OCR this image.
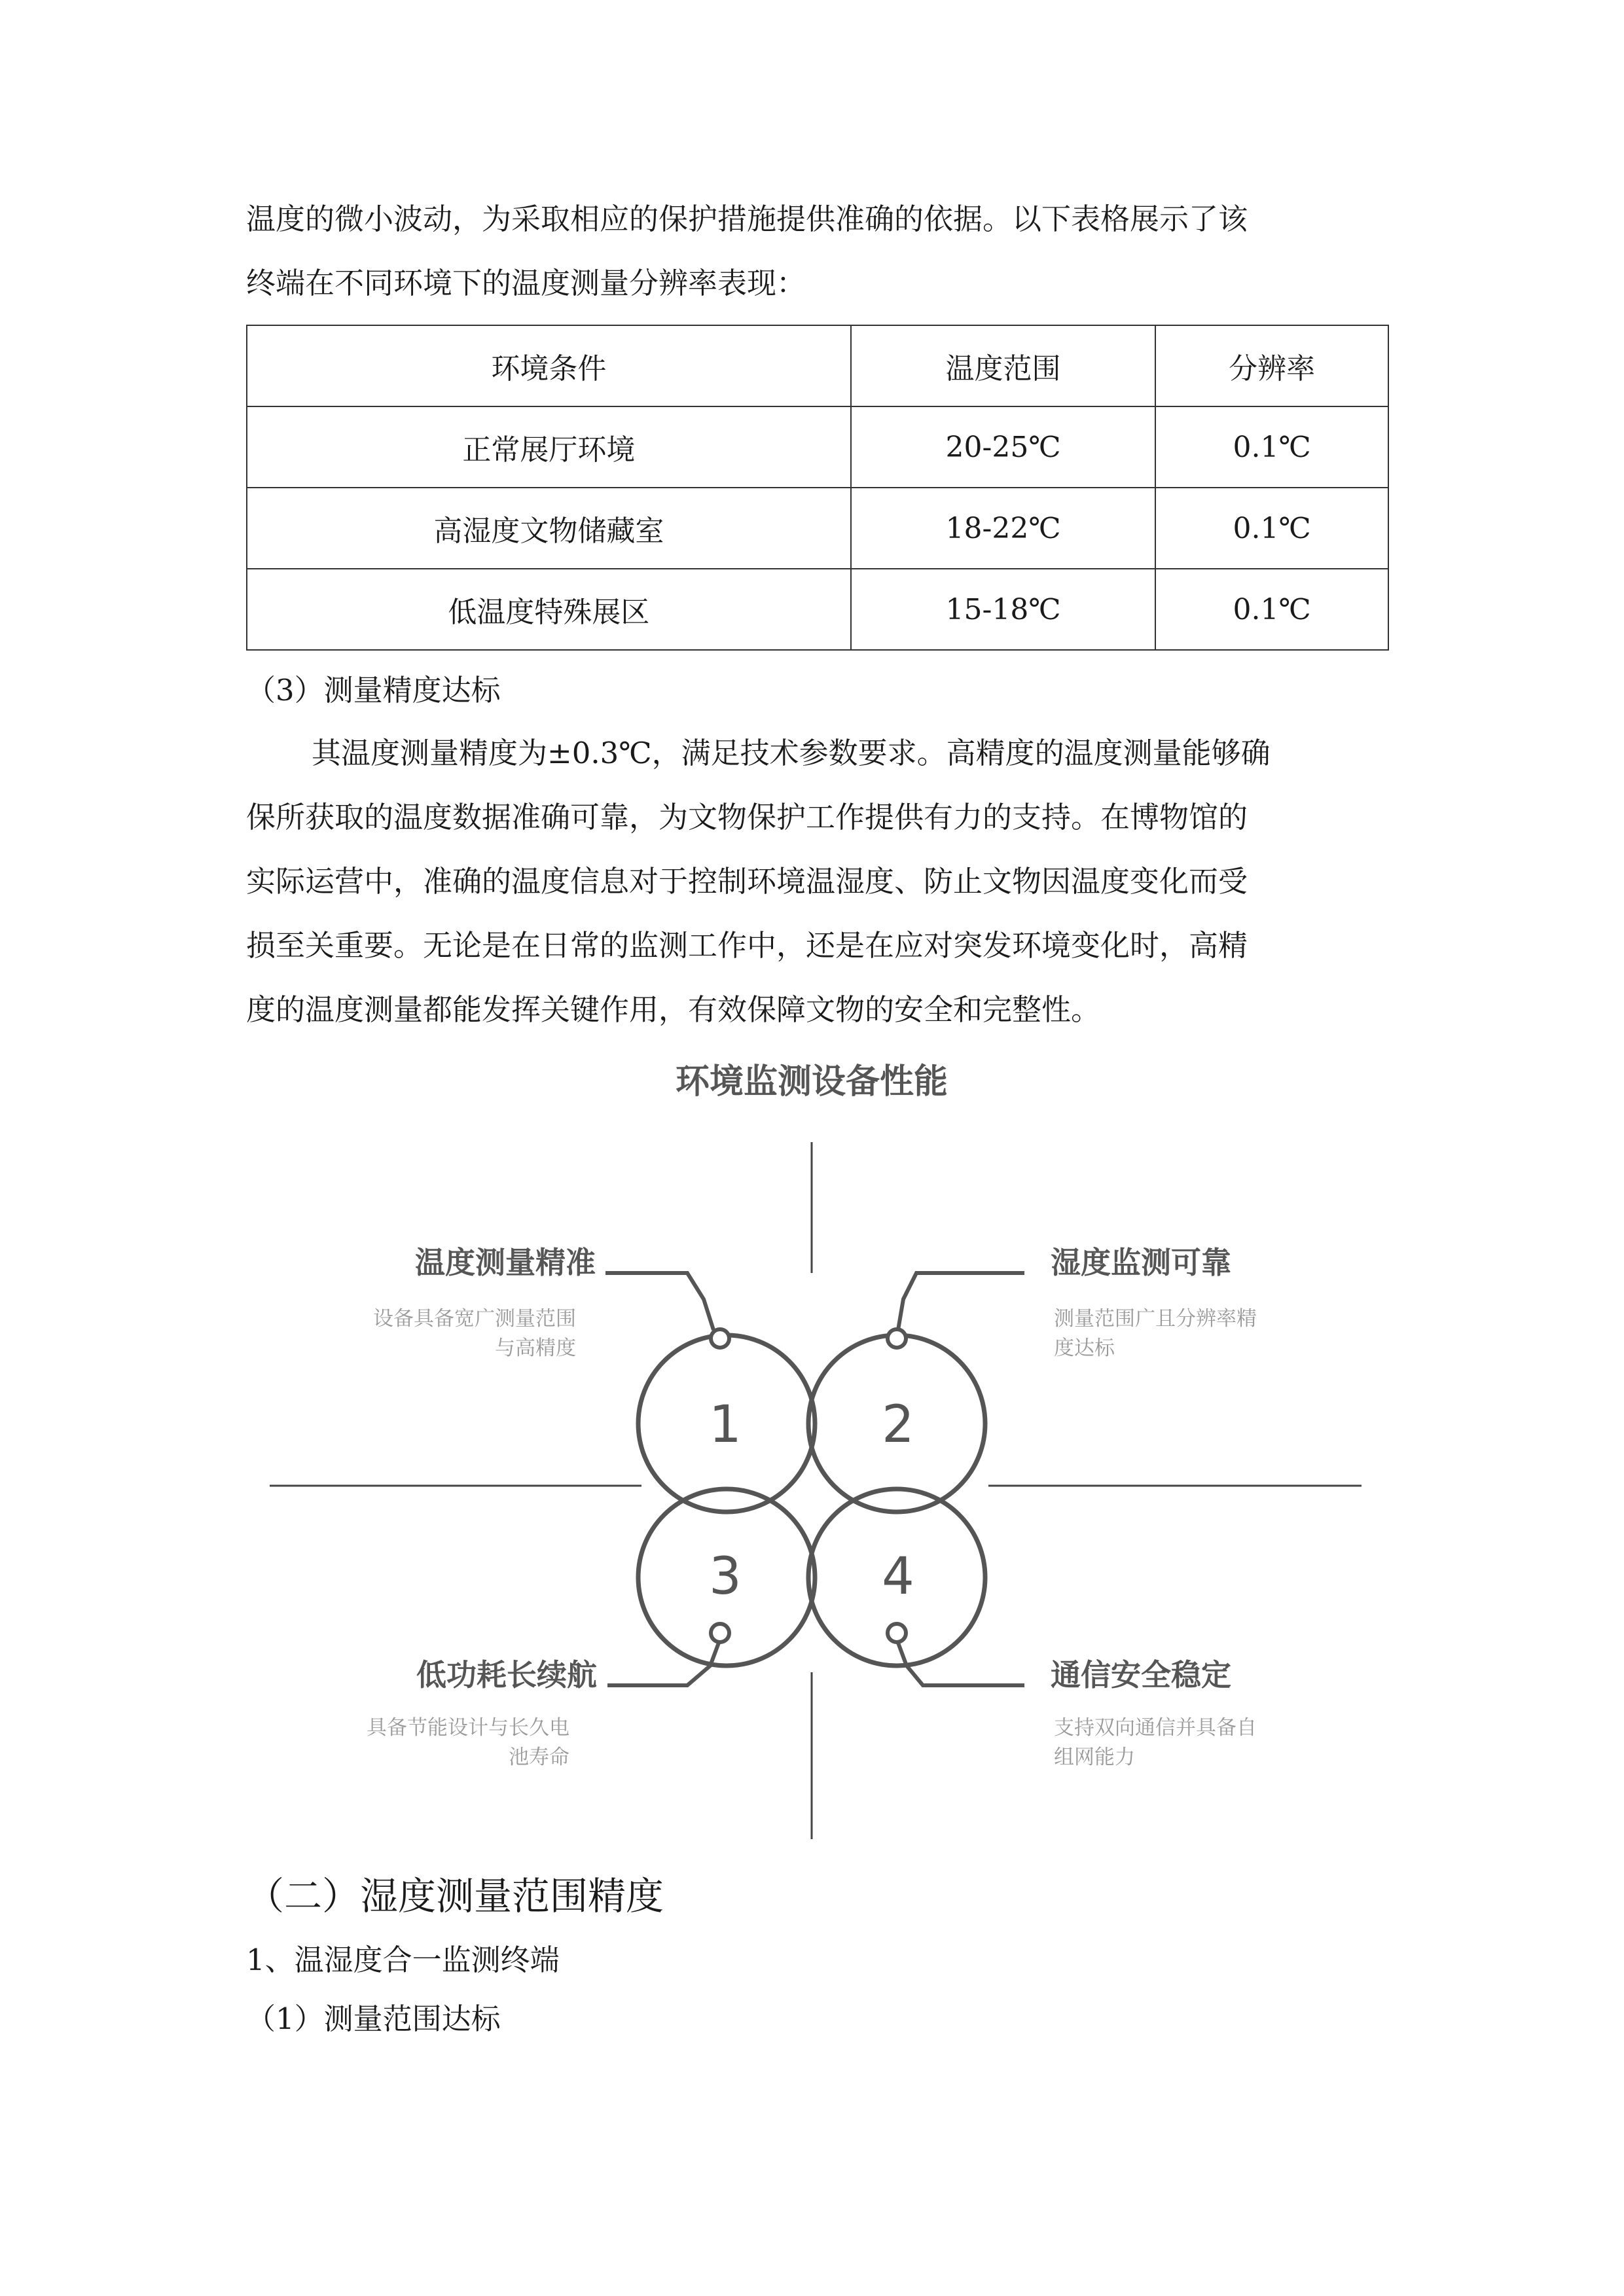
温度的微小波动，为采取相应的保护措施提供准确的依据。以下表格展示了该
终端在不同环境下的温度测量分辨率表现：

环境条件	温度范围	分辨率
正常展厅环境	20-25℃	0.1℃
高湿度文物储藏室	18-22℃	0.1℃
低温度特殊展区	15-18℃	0.1℃
（3）测量精度达标

其温度测量精度为±0.3℃，满足技术参数要求。高精度的温度测量能够确
保所获取的温度数据准确可靠，为文物保护工作提供有力的支持。在博物馆的
实际运营中，准确的温度信息对于控制环境温湿度、防止文物因温度变化而受
损至关重要。无论是在日常的监测工作中，还是在应对突发环境变化时，高精
度的温度测量都能发挥关键作用，有效保障文物的安全和完整性。

环境监测设备性能
1	2
3	4
温度测量精准	湿度监测可靠
低功耗长续航	通信安全稳定
设备具备宽广测量范围
与高精度
测量范围广且分辨率精
度达标
具备节能设计与长久电
池寿命
支持双向通信并具备自
组网能力
（二）湿度测量范围精度
1、温湿度合一监测终端
（1）测量范围达标
